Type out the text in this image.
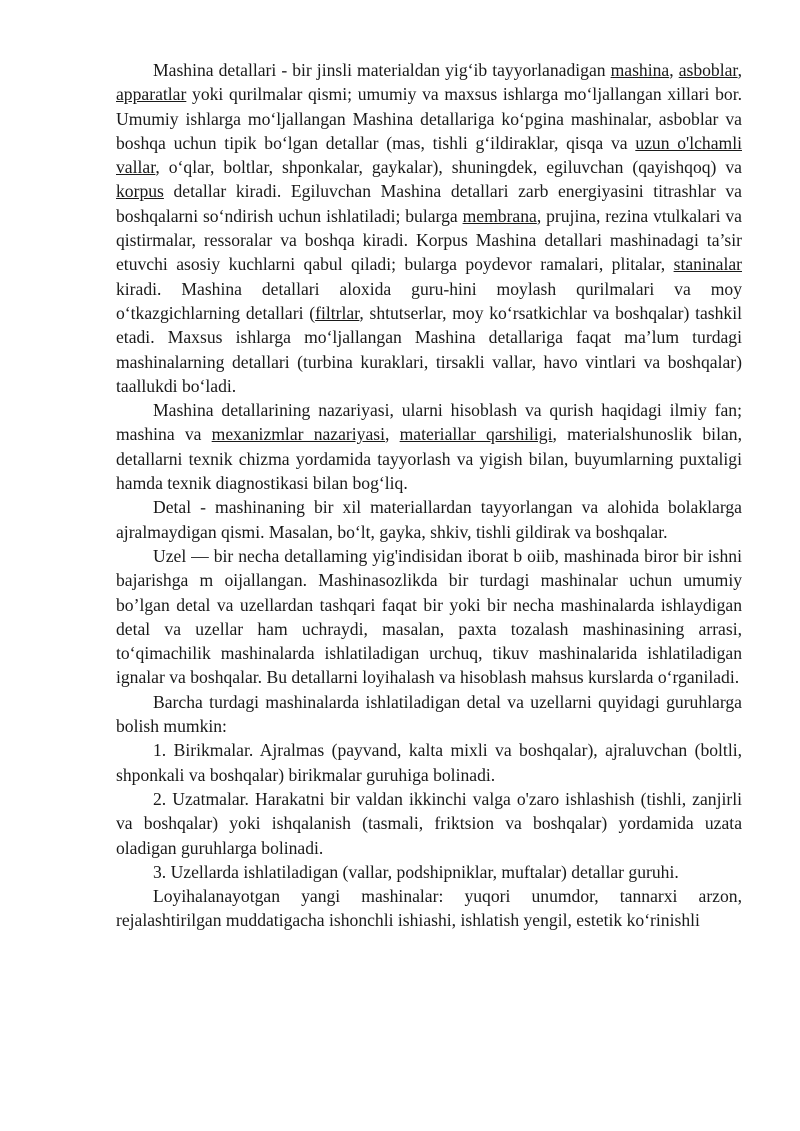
Mashina detallari - bir jinsli materialdan yig‘ib tayyorlanadigan mashina, asboblar, apparatlar yoki qurilmalar qismi; umumiy va maxsus ishlarga mo‘ljallangan xillari bor. Umumiy ishlarga mo‘ljallangan Mashina detallariga ko‘pgina mashinalar, asboblar va boshqa uchun tipik bo‘lgan detallar (mas, tishli g‘ildiraklar, qisqa va uzun o'lchamli vallar, o‘qlar, boltlar, shponkalar, gaykalar), shuningdek, egiluvchan (qayishqoq) va korpus detallar kiradi. Egiluvchan Mashina detallari zarb energiyasini titrashlar va boshqalarni so‘ndirish uchun ishlatiladi; bularga membrana, prujina, rezina vtulkalari va qistirmalar, ressoralar va boshqa kiradi. Korpus Mashina detallari mashinadagi ta’sir etuvchi asosiy kuchlarni qabul qiladi; bularga poydevor ramalari, plitalar, staninalar kiradi. Mashina detallari aloxida guru-hini moylash qurilmalari va moy o‘tkazgichlarning detallari (filtrlar, shtutserlar, moy ko‘rsatkichlar va boshqalar) tashkil etadi. Maxsus ishlarga mo‘ljallangan Mashina detallariga faqat ma’lum turdagi mashinalarning detallari (turbina kuraklari, tirsakli vallar, havo vintlari va boshqalar) taallukdi bo‘ladi.

Mashina detallarining nazariyasi, ularni hisoblash va qurish haqidagi ilmiy fan; mashina va mexanizmlar nazariyasi, materiallar qarshiligi, materialshunoslik bilan, detallarni texnik chizma yordamida tayyorlash va yigish bilan, buyumlarning puxtaligi hamda texnik diagnostikasi bilan bog‘liq.

Detal - mashinaning bir xil materiallardan tayyorlangan va alohida bolaklarga ajralmaydigan qismi. Masalan, bo‘lt, gayka, shkiv, tishli gildirak va boshqalar.

Uzel — bir necha detallaming yig'indisidan iborat b oiib, mashinada biror bir ishni bajarishga m oijallangan. Mashinasozlikda bir turdagi mashinalar uchun umumiy bo’lgan detal va uzellardan tashqari faqat bir yoki bir necha mashinalarda ishlaydigan detal va uzellar ham uchraydi, masalan, paxta tozalash mashinasining arrasi, to‘qimachilik mashinalarda ishlatiladigan urchuq, tikuv mashinalarida ishlatiladigan ignalar va boshqalar. Bu detallarni loyihalash va hisoblash mahsus kurslarda o‘rganiladi.

Barcha turdagi mashinalarda ishlatiladigan detal va uzellarni quyidagi guruhlarga bolish mumkin:

1. Birikmalar. Ajralmas (payvand, kalta mixli va boshqalar), ajraluvchan (boltli, shponkali va boshqalar) birikmalar guruhiga bolinadi.

2. Uzatmalar. Harakatni bir valdan ikkinchi valga o'zaro ishlashish (tishli, zanjirli va boshqalar) yoki ishqalanish (tasmali, friktsion va boshqalar) yordamida uzata oladigan guruhlarga bolinadi.

3. Uzellarda ishlatiladigan (vallar, podshipniklar, muftalar) detallar guruhi.

Loyihalanayotgan yangi mashinalar: yuqori unumdor, tannarxi arzon, rejalashtirilgan muddatigacha ishonchli ishiashi, ishlatish yengil, estetik ko‘rinishli
